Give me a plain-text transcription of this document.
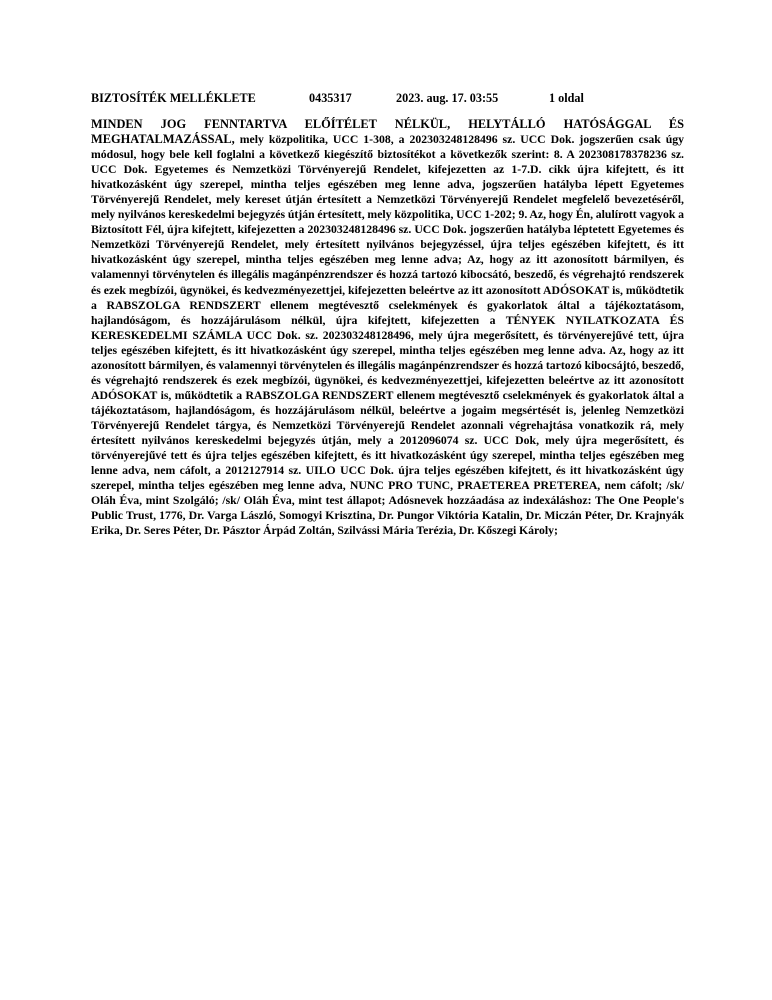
BIZTOSÍTÉK MELLÉKLETE	0435317	2023. aug. 17. 03:55	1 oldal
MINDEN JOG FENNTARTVA ELŐÍTÉLET NÉLKÜL, HELYTÁLLÓ HATÓSÁGGAL ÉS MEGHATALMAZÁSSAL, mely közpolitika, UCC 1-308, a 202303248128496 sz. UCC Dok. jogszerűen csak úgy módosul, hogy bele kell foglalni a következő kiegészítő biztosítékot a következők szerint: 8. A 202308178378236 sz. UCC Dok. Egyetemes és Nemzetközi Törvényerejű Rendelet, kifejezetten az 1-7.D. cikk újra kifejtett, és itt hivatkozásként úgy szerepel, mintha teljes egészében meg lenne adva, jogszerűen hatályba lépett Egyetemes Törvényerejű Rendelet, mely kereset útján értesített a Nemzetközi Törvényerejű Rendelet megfelelő bevezetéséről, mely nyilvános kereskedelmi bejegyzés útján értesített, mely közpolitika, UCC 1-202; 9. Az, hogy Én, alulírott vagyok a Biztosított Fél, újra kifejtett, kifejezetten a 202303248128496 sz. UCC Dok. jogszerűen hatályba léptetett Egyetemes és Nemzetközi Törvényerejű Rendelet, mely értesített nyilvános bejegyzéssel, újra teljes egészében kifejtett, és itt hivatkozásként úgy szerepel, mintha teljes egészében meg lenne adva; Az, hogy az itt azonosított bármilyen, és valamennyi törvénytelen és illegális magánpénzrendszer és hozzá tartozó kibocsátó, beszedő, és végrehajtó rendszerek és ezek megbízói, ügynökei, és kedvezményezettjei, kifejezetten beleértve az itt azonosított ADÓSOKAT is, működtetik a RABSZOLGA RENDSZERT ellenem megtévesztő cselekmények és gyakorlatok által a tájékoztatásom, hajlandóságom, és hozzájárulásom nélkül, újra kifejtett, kifejezetten a TÉNYEK NYILATKOZATA ÉS KERESKEDELMI SZÁMLA UCC Dok. sz. 202303248128496, mely újra megerősített, és törvényerejűvé tett, újra teljes egészében kifejtett, és itt hivatkozásként úgy szerepel, mintha teljes egészében meg lenne adva. Az, hogy az itt azonosított bármilyen, és valamennyi törvénytelen és illegális magánpénzrendszer és hozzá tartozó kibocsájtó, beszedő, és végrehajtó rendszerek és ezek megbízói, ügynökei, és kedvezményezettjei, kifejezetten beleértve az itt azonosított ADÓSOKAT is, működtetik a RABSZOLGA RENDSZERT ellenem megtévesztő cselekmények és gyakorlatok által a tájékoztatásom, hajlandóságom, és hozzájárulásom nélkül, beleértve a jogaim megsértését is, jelenleg Nemzetközi Törvényerejű Rendelet tárgya, és Nemzetközi Törvényerejű Rendelet azonnali végrehajtása vonatkozik rá, mely értesített nyilvános kereskedelmi bejegyzés útján, mely a 2012096074 sz. UCC Dok, mely újra megerősített, és törvényerejűvé tett és újra teljes egészében kifejtett, és itt hivatkozásként úgy szerepel, mintha teljes egészében meg lenne adva, nem cáfolt, a 2012127914 sz. UILO UCC Dok. újra teljes egészében kifejtett, és itt hivatkozásként úgy szerepel, mintha teljes egészében meg lenne adva, NUNC PRO TUNC, PRAETEREA PRETEREA, nem cáfolt; /sk/ Oláh Éva, mint Szolgáló; /sk/ Oláh Éva, mint test állapot; Adósnevek hozzáadása az indexáláshoz: The One People's Public Trust, 1776, Dr. Varga László, Somogyi Krisztina, Dr. Pungor Viktória Katalin, Dr. Miczán Péter, Dr. Krajnyák Erika, Dr. Seres Péter, Dr. Pásztor Árpád Zoltán, Szilvássi Mária Terézia, Dr. Kőszegi Károly;
